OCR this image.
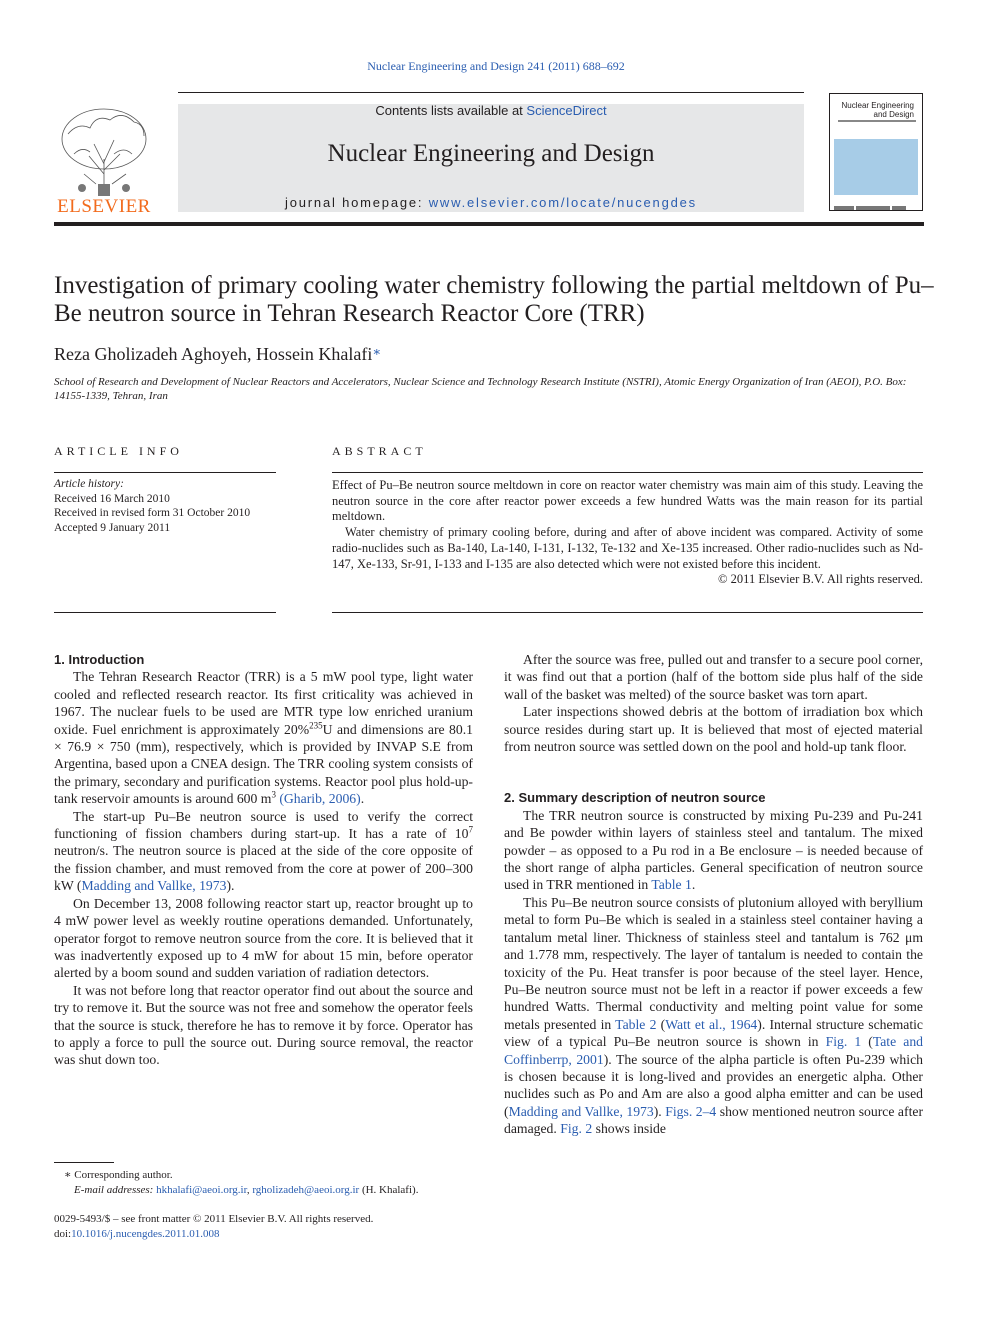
Nuclear Engineering and Design 241 (2011) 688–692
ELSEVIER
Contents lists available at ScienceDirect
Nuclear Engineering and Design
journal homepage: www.elsevier.com/locate/nucengdes
Nuclear Engineering and Design
Investigation of primary cooling water chemistry following the partial meltdown of Pu–Be neutron source in Tehran Research Reactor Core (TRR)
Reza Gholizadeh Aghoyeh, Hossein Khalafi∗
School of Research and Development of Nuclear Reactors and Accelerators, Nuclear Science and Technology Research Institute (NSTRI), Atomic Energy Organization of Iran (AEOI), P.O. Box: 14155-1339, Tehran, Iran
ARTICLE INFO	ABSTRACT
Article history:
Received 16 March 2010
Received in revised form 31 October 2010
Accepted 9 January 2011

Effect of Pu–Be neutron source meltdown in core on reactor water chemistry was main aim of this study. Leaving the neutron source in the core after reactor power exceeds a few hundred Watts was the main reason for its partial meltdown.

Water chemistry of primary cooling before, during and after of above incident was compared. Activity of some radio-nuclides such as Ba-140, La-140, I-131, I-132, Te-132 and Xe-135 increased. Other radio-nuclides such as Nd-147, Xe-133, Sr-91, I-133 and I-135 are also detected which were not existed before this incident.

© 2011 Elsevier B.V. All rights reserved.

1. Introduction

The Tehran Research Reactor (TRR) is a 5 mW pool type, light water cooled and reflected research reactor. Its first criticality was achieved in 1967. The nuclear fuels to be used are MTR type low enriched uranium oxide. Fuel enrichment is approximately 20%$^{235}$U and dimensions are 80.1 × 76.9 × 750 (mm), respectively, which is provided by INVAP S.E from Argentina, based upon a CNEA design. The TRR cooling system consists of the primary, secondary and purification systems. Reactor pool plus hold-up-tank reservoir amounts is around 600 $m^3$ (Gharib, 2006).

The start-up Pu–Be neutron source is used to verify the correct functioning of fission chambers during start-up. It has a rate of $10^7$ neutron/s. The neutron source is placed at the side of the core opposite of the fission chamber, and must removed from the core at power of 200–300 kW (Madding and Vallke, 1973).

On December 13, 2008 following reactor start up, reactor brought up to 4 mW power level as weekly routine operations demanded. Unfortunately, operator forgot to remove neutron source from the core. It is believed that it was inadvertently exposed up to 4 mW for about 15 min, before operator alerted by a boom sound and sudden variation of radiation detectors.

It was not before long that reactor operator find out about the source and try to remove it. But the source was not free and somehow the operator feels that the source is stuck, therefore he has to remove it by force. Operator has to apply a force to pull the source out. During source removal, the reactor was shut down too.

After the source was free, pulled out and transfer to a secure pool corner, it was find out that a portion (half of the bottom side plus half of the side wall of the basket was melted) of the source basket was torn apart.

Later inspections showed debris at the bottom of irradiation box which source resides during start up. It is believed that most of ejected material from neutron source was settled down on the pool and hold-up tank floor.

2. Summary description of neutron source

The TRR neutron source is constructed by mixing Pu-239 and Pu-241 and Be powder within layers of stainless steel and tantalum. The mixed powder – as opposed to a Pu rod in a Be enclosure – is needed because of the short range of alpha particles. General specification of neutron source used in TRR mentioned in Table 1.

This Pu–Be neutron source consists of plutonium alloyed with beryllium metal to form Pu–Be which is sealed in a stainless steel container having a tantalum metal liner. Thickness of stainless steel and tantalum is 762 μm and 1.778 mm, respectively. The layer of tantalum is needed to contain the toxicity of the Pu. Heat transfer is poor because of the steel layer. Hence, Pu–Be neutron source must not be left in a reactor if power exceeds a few hundred Watts. Thermal conductivity and melting point value for some metals presented in Table 2 (Watt et al., 1964). Internal structure schematic view of a typical Pu–Be neutron source is shown in Fig. 1 (Tate and Coffinberrp, 2001). The source of the alpha particle is often Pu-239 which is chosen because it is long-lived and provides an energetic alpha. Other nuclides such as Po and Am are also a good alpha emitter and can be used (Madding and Vallke, 1973). Figs. 2–4 show mentioned neutron source after damaged. Fig. 2 shows inside

∗ Corresponding author.
E-mail addresses: hkhalafi@aeoi.org.ir, rgholizadeh@aeoi.org.ir (H. Khalafi).
0029-5493/$ – see front matter © 2011 Elsevier B.V. All rights reserved.
doi:10.1016/j.nucengdes.2011.01.008
